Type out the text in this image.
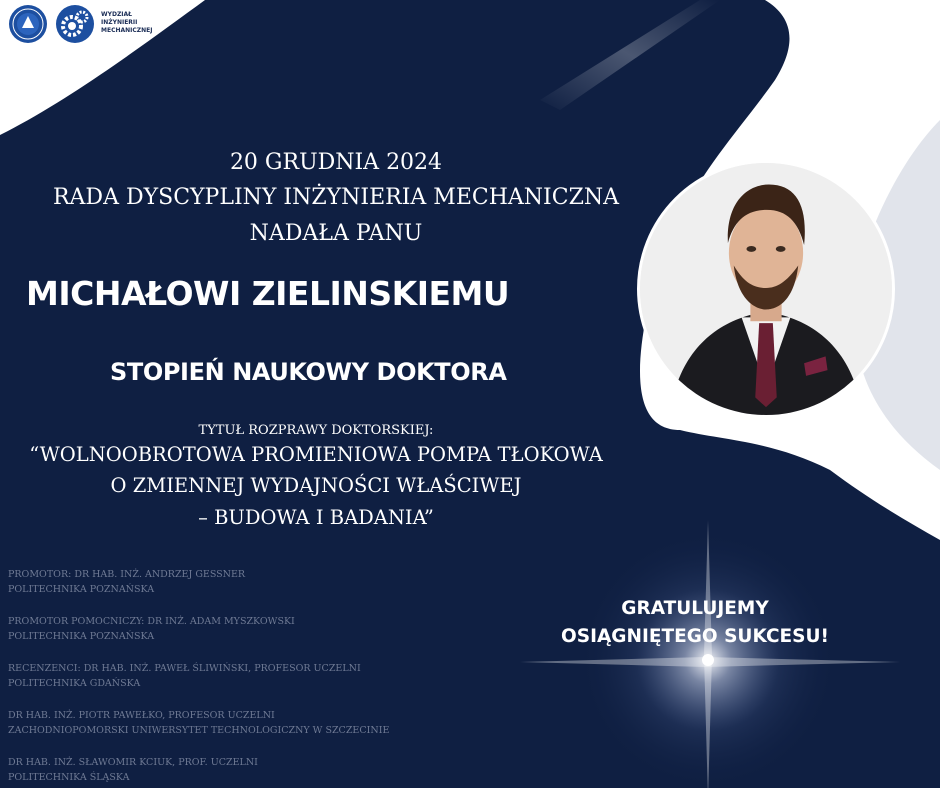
WYDZIAŁ
INŻYNIERII
MECHANICZNEJ
20 GRUDNIA 2024
RADA DYSCYPLINY INŻYNIERIA MECHANICZNA
NADAŁA PANU
MICHAŁOWI ZIELINSKIEMU
STOPIEŃ NAUKOWY DOKTORA
TYTUŁ ROZPRAWY DOKTORSKIEJ:
“WOLNOOBROTOWA PROMIENIOWA POMPA TŁOKOWA
O ZMIENNEJ WYDAJNOŚCI WŁAŚCIWEJ
– BUDOWA I BADANIA”
PROMOTOR: DR HAB. INŻ. ANDRZEJ GESSNER
POLITECHNIKA POZNAŃSKA
PROMOTOR POMOCNICZY: DR INŻ. ADAM MYSZKOWSKI
POLITECHNIKA POZNAŃSKA
RECENZENCI: DR HAB. INŻ. PAWEŁ ŚLIWIŃSKI, PROFESOR UCZELNI
POLITECHNIKA GDAŃSKA
DR HAB. INŻ. PIOTR PAWEŁKO, PROFESOR UCZELNI
ZACHODNIOPOMORSKI UNIWERSYTET TECHNOLOGICZNY W SZCZECINIE
DR HAB. INŻ. SŁAWOMIR KCIUK, PROF. UCZELNI
POLITECHNIKA ŚLĄSKA
GRATULUJEMY
OSIĄGNIĘTEGO SUKCESU!
